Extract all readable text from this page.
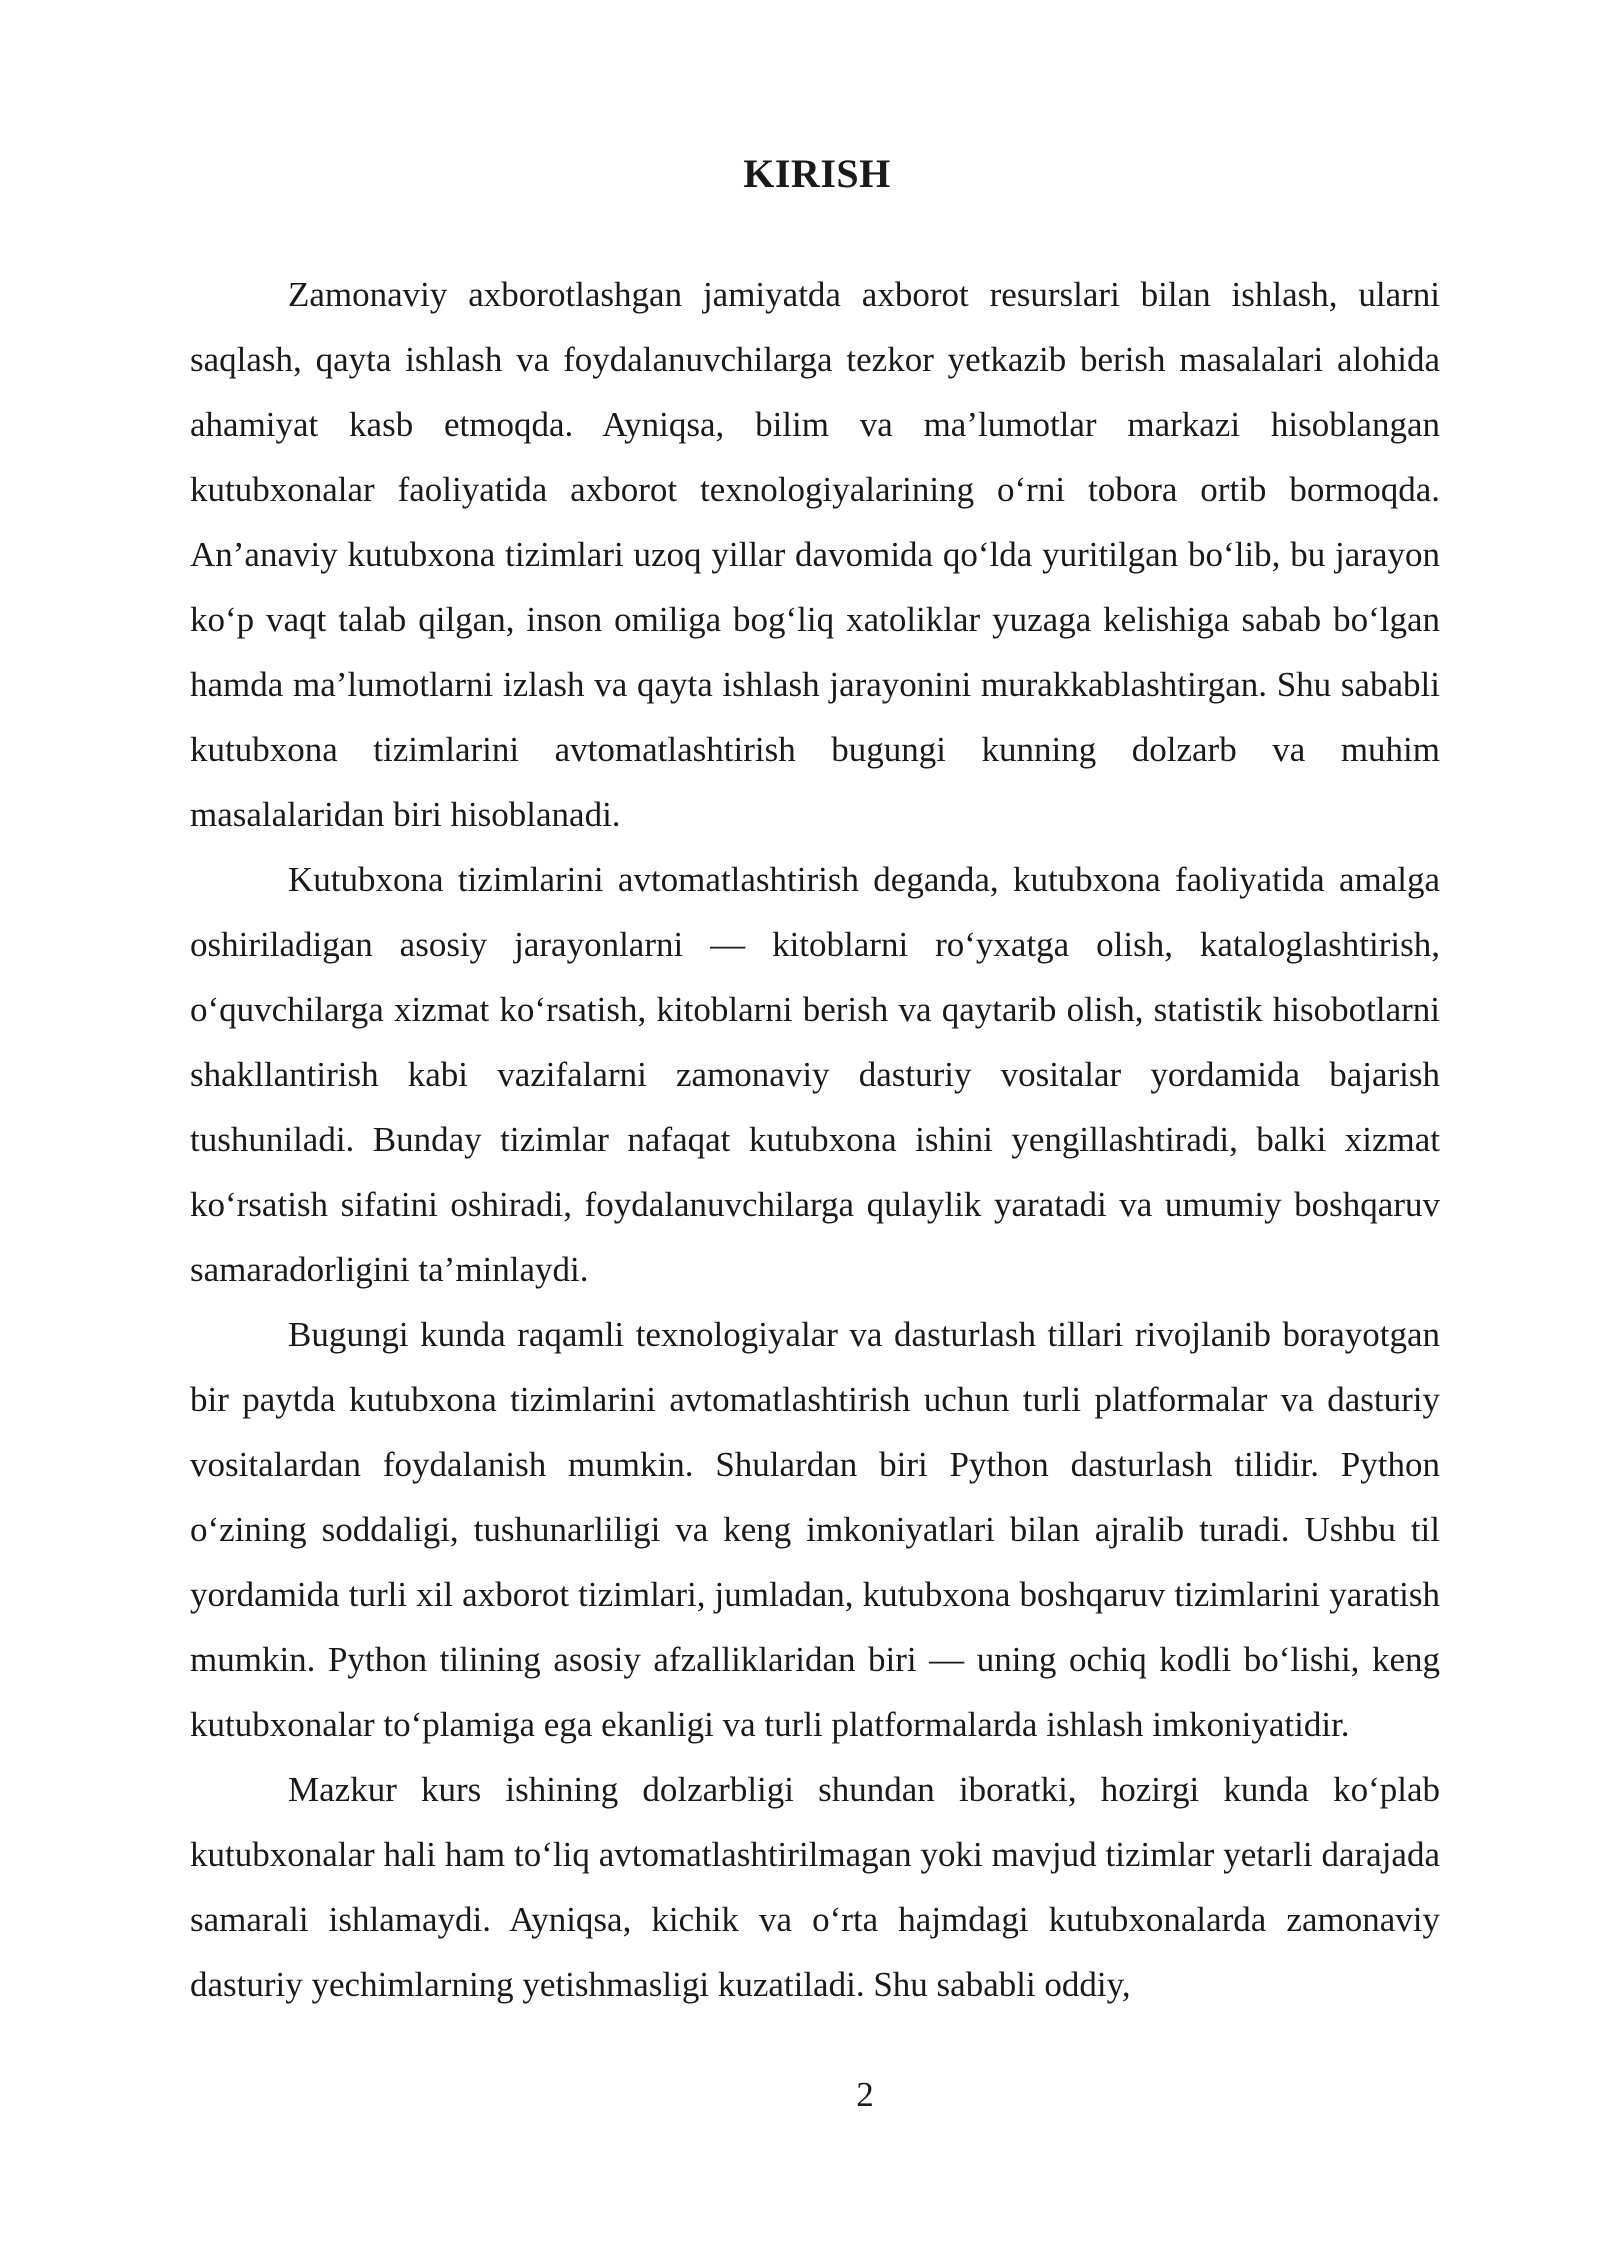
KIRISH

Zamonaviy axborotlashgan jamiyatda axborot resurslari bilan ishlash, ularni saqlash, qayta ishlash va foydalanuvchilarga tezkor yetkazib berish masalalari alohida ahamiyat kasb etmoqda. Ayniqsa, bilim va ma’lumotlar markazi hisoblangan kutubxonalar faoliyatida axborot texnologiyalarining o‘rni tobora ortib bormoqda. An’anaviy kutubxona tizimlari uzoq yillar davomida qo‘lda yuritilgan bo‘lib, bu jarayon ko‘p vaqt talab qilgan, inson omiliga bog‘liq xatoliklar yuzaga kelishiga sabab bo‘lgan hamda ma’lumotlarni izlash va qayta ishlash jarayonini murakkablashtirgan. Shu sababli kutubxona tizimlarini avtomatlashtirish bugungi kunning dolzarb va muhim masalalaridan biri hisoblanadi.

Kutubxona tizimlarini avtomatlashtirish deganda, kutubxona faoliyatida amalga oshiriladigan asosiy jarayonlarni — kitoblarni ro‘yxatga olish, kataloglashtirish, o‘quvchilarga xizmat ko‘rsatish, kitoblarni berish va qaytarib olish, statistik hisobotlarni shakllantirish kabi vazifalarni zamonaviy dasturiy vositalar yordamida bajarish tushuniladi. Bunday tizimlar nafaqat kutubxona ishini yengillashtiradi, balki xizmat ko‘rsatish sifatini oshiradi, foydalanuvchilarga qulaylik yaratadi va umumiy boshqaruv samaradorligini ta’minlaydi.

Bugungi kunda raqamli texnologiyalar va dasturlash tillari rivojlanib borayotgan bir paytda kutubxona tizimlarini avtomatlashtirish uchun turli platformalar va dasturiy vositalardan foydalanish mumkin. Shulardan biri Python dasturlash tilidir. Python o‘zining soddaligi, tushunarliligi va keng imkoniyatlari bilan ajralib turadi. Ushbu til yordamida turli xil axborot tizimlari, jumladan, kutubxona boshqaruv tizimlarini yaratish mumkin. Python tilining asosiy afzalliklaridan biri — uning ochiq kodli bo‘lishi, keng kutubxonalar to‘plamiga ega ekanligi va turli platformalarda ishlash imkoniyatidir.

Mazkur kurs ishining dolzarbligi shundan iboratki, hozirgi kunda ko‘plab kutubxonalar hali ham to‘liq avtomatlashtirilmagan yoki mavjud tizimlar yetarli darajada samarali ishlamaydi. Ayniqsa, kichik va o‘rta hajmdagi kutubxonalarda zamonaviy dasturiy yechimlarning yetishmasligi kuzatiladi. Shu sababli oddiy,

2
